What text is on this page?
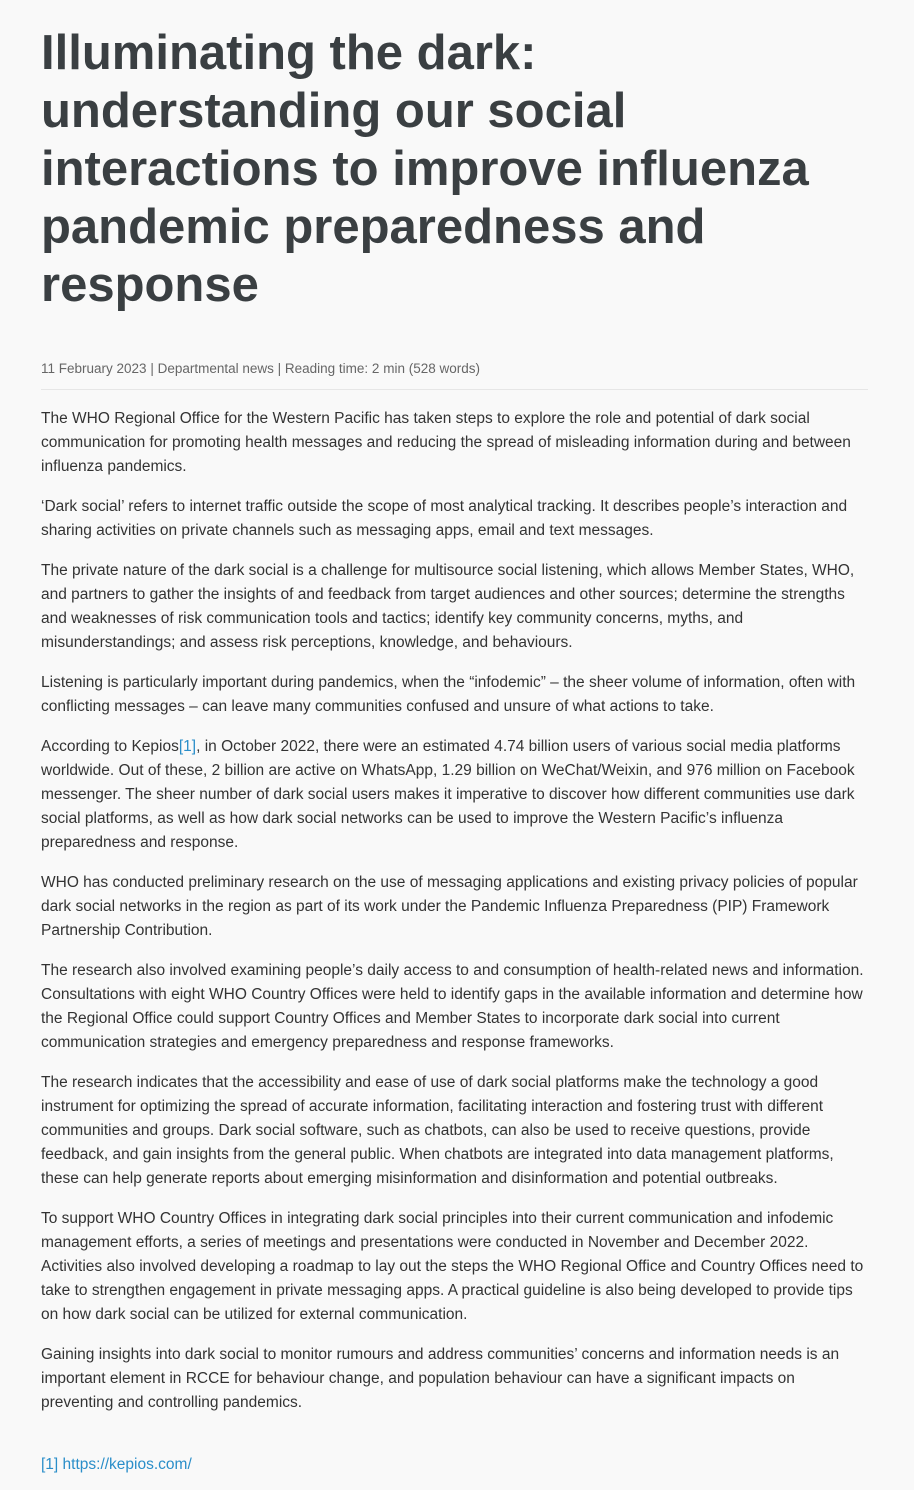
Illuminating the dark: understanding our social interactions to improve influenza pandemic preparedness and response
11 February 2023 | Departmental news | Reading time: 2 min (528 words)

The WHO Regional Office for the Western Pacific has taken steps to explore the role and potential of dark social communication for promoting health messages and reducing the spread of misleading information during and between influenza pandemics.

‘Dark social’ refers to internet traffic outside the scope of most analytical tracking. It describes people’s interaction and sharing activities on private channels such as messaging apps, email and text messages.

The private nature of the dark social is a challenge for multisource social listening, which allows Member States, WHO, and partners to gather the insights of and feedback from target audiences and other sources; determine the strengths and weaknesses of risk communication tools and tactics; identify key community concerns, myths, and misunderstandings; and assess risk perceptions, knowledge, and behaviours.

Listening is particularly important during pandemics, when the “infodemic” – the sheer volume of information, often with conflicting messages – can leave many communities confused and unsure of what actions to take.

According to Kepios[1], in October 2022, there were an estimated 4.74 billion users of various social media platforms worldwide. Out of these, 2 billion are active on WhatsApp, 1.29 billion on WeChat/Weixin, and 976 million on Facebook messenger. The sheer number of dark social users makes it imperative to discover how different communities use dark social platforms, as well as how dark social networks can be used to improve the Western Pacific’s influenza preparedness and response.

WHO has conducted preliminary research on the use of messaging applications and existing privacy policies of popular dark social networks in the region as part of its work under the Pandemic Influenza Preparedness (PIP) Framework Partnership Contribution.

The research also involved examining people’s daily access to and consumption of health-related news and information. Consultations with eight WHO Country Offices were held to identify gaps in the available information and determine how the Regional Office could support Country Offices and Member States to incorporate dark social into current communication strategies and emergency preparedness and response frameworks.

The research indicates that the accessibility and ease of use of dark social platforms make the technology a good instrument for optimizing the spread of accurate information, facilitating interaction and fostering trust with different communities and groups. Dark social software, such as chatbots, can also be used to receive questions, provide feedback, and gain insights from the general public. When chatbots are integrated into data management platforms, these can help generate reports about emerging misinformation and disinformation and potential outbreaks.

To support WHO Country Offices in integrating dark social principles into their current communication and infodemic management efforts, a series of meetings and presentations were conducted in November and December 2022. Activities also involved developing a roadmap to lay out the steps the WHO Regional Office and Country Offices need to take to strengthen engagement in private messaging apps. A practical guideline is also being developed to provide tips on how dark social can be utilized for external communication.

Gaining insights into dark social to monitor rumours and address communities’ concerns and information needs is an important element in RCCE for behaviour change, and population behaviour can have a significant impacts on preventing and controlling pandemics.

[1] https://kepios.com/
